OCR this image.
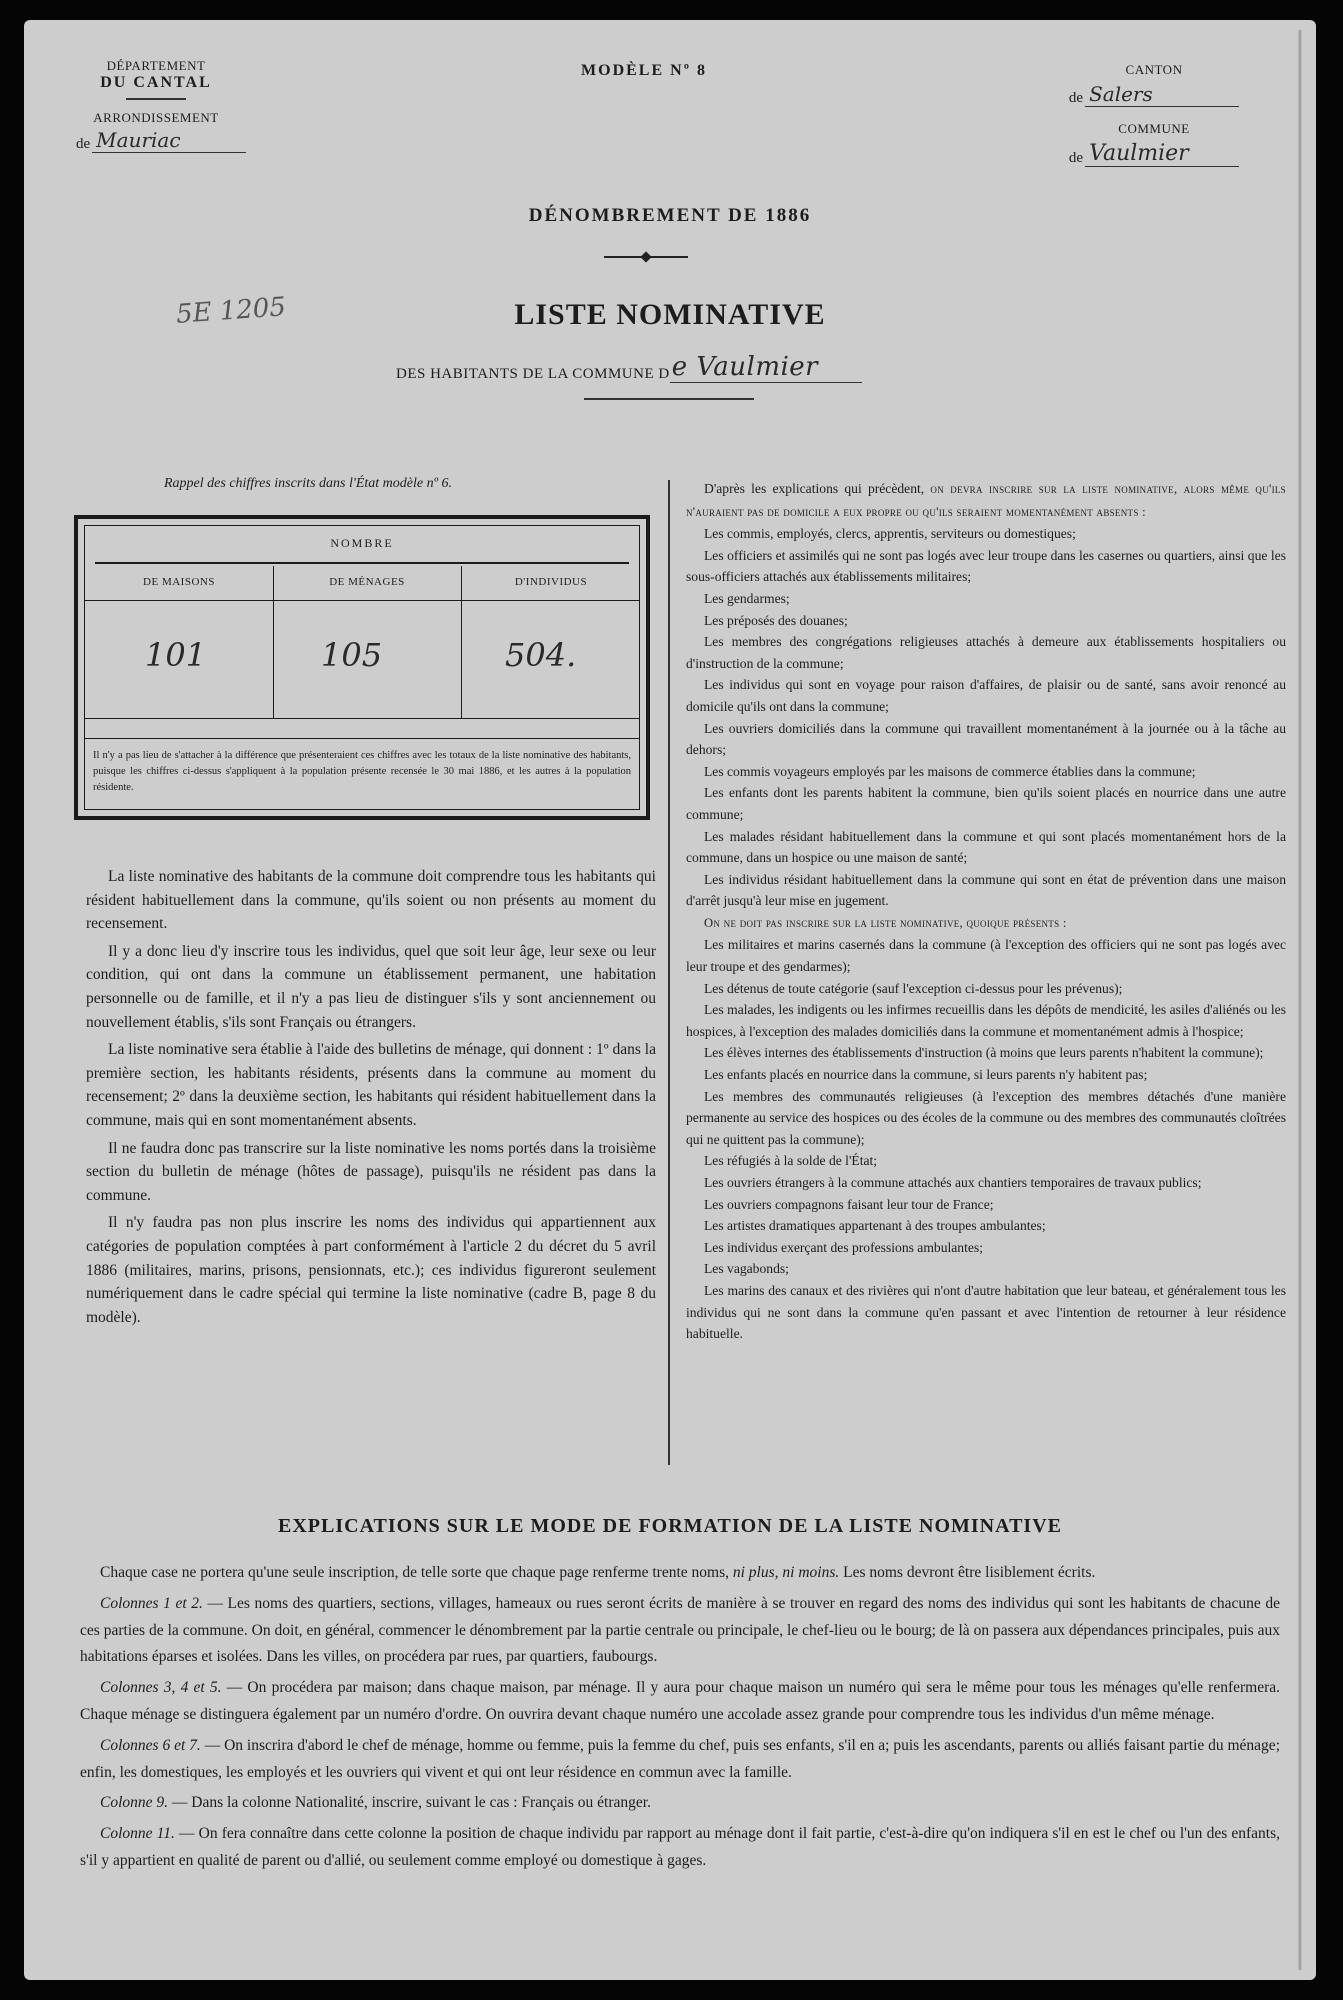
DÉPARTEMENT
DU CANTAL
ARRONDISSEMENT
de Mauriac
MODÈLE Nº 8	CANTON
de Salers
COMMUNE
de Vaulmier
DÉNOMBREMENT DE 1886
5E 1205	LISTE NOMINATIVE
DES HABITANTS DE LA COMMUNE D e Vaulmier
Rappel des chiffres inscrits dans l'État modèle nº 6.
NOMBRE
DE MAISONS	DE MÉNAGES	D'INDIVIDUS
101	105	504.
Il n'y a pas lieu de s'attacher à la différence que présenteraient ces chiffres avec les totaux de la liste nominative des habitants, puisque les chiffres ci-dessus s'appliquent à la population présente recensée le 30 mai 1886, et les autres à la population résidente.

La liste nominative des habitants de la commune doit comprendre tous les habitants qui résident habituellement dans la commune, qu'ils soient ou non présents au moment du recensement.

Il y a donc lieu d'y inscrire tous les individus, quel que soit leur âge, leur sexe ou leur condition, qui ont dans la commune un établissement permanent, une habitation personnelle ou de famille, et il n'y a pas lieu de distinguer s'ils y sont anciennement ou nouvellement établis, s'ils sont Français ou étrangers.

La liste nominative sera établie à l'aide des bulletins de ménage, qui donnent : 1º dans la première section, les habitants résidents, présents dans la commune au moment du recensement; 2º dans la deuxième section, les habitants qui résident habituellement dans la commune, mais qui en sont momentanément absents.

Il ne faudra donc pas transcrire sur la liste nominative les noms portés dans la troisième section du bulletin de ménage (hôtes de passage), puisqu'ils ne résident pas dans la commune.

Il n'y faudra pas non plus inscrire les noms des individus qui appartiennent aux catégories de population comptées à part conformément à l'article 2 du décret du 5 avril 1886 (militaires, marins, prisons, pensionnats, etc.); ces individus figureront seulement numériquement dans le cadre spécial qui termine la liste nominative (cadre B, page 8 du modèle).

D'après les explications qui précèdent, on devra inscrire sur la liste nominative, alors même qu'ils n'auraient pas de domicile a eux propre ou qu'ils seraient momentanément absents :

Les commis, employés, clercs, apprentis, serviteurs ou domestiques;

Les officiers et assimilés qui ne sont pas logés avec leur troupe dans les casernes ou quartiers, ainsi que les sous-officiers attachés aux établissements militaires;

Les gendarmes;

Les préposés des douanes;

Les membres des congrégations religieuses attachés à demeure aux établissements hospitaliers ou d'instruction de la commune;

Les individus qui sont en voyage pour raison d'affaires, de plaisir ou de santé, sans avoir renoncé au domicile qu'ils ont dans la commune;

Les ouvriers domiciliés dans la commune qui travaillent momentanément à la journée ou à la tâche au dehors;

Les commis voyageurs employés par les maisons de commerce établies dans la commune;

Les enfants dont les parents habitent la commune, bien qu'ils soient placés en nourrice dans une autre commune;

Les malades résidant habituellement dans la commune et qui sont placés momentanément hors de la commune, dans un hospice ou une maison de santé;

Les individus résidant habituellement dans la commune qui sont en état de prévention dans une maison d'arrêt jusqu'à leur mise en jugement.

On ne doit pas inscrire sur la liste nominative, quoique présents :

Les militaires et marins casernés dans la commune (à l'exception des officiers qui ne sont pas logés avec leur troupe et des gendarmes);

Les détenus de toute catégorie (sauf l'exception ci-dessus pour les prévenus);

Les malades, les indigents ou les infirmes recueillis dans les dépôts de mendicité, les asiles d'aliénés ou les hospices, à l'exception des malades domiciliés dans la commune et momentanément admis à l'hospice;

Les élèves internes des établissements d'instruction (à moins que leurs parents n'habitent la commune);

Les enfants placés en nourrice dans la commune, si leurs parents n'y habitent pas;

Les membres des communautés religieuses (à l'exception des membres détachés d'une manière permanente au service des hospices ou des écoles de la commune ou des membres des communautés cloîtrées qui ne quittent pas la commune);

Les réfugiés à la solde de l'État;

Les ouvriers étrangers à la commune attachés aux chantiers temporaires de travaux publics;

Les ouvriers compagnons faisant leur tour de France;

Les artistes dramatiques appartenant à des troupes ambulantes;

Les individus exerçant des professions ambulantes;

Les vagabonds;

Les marins des canaux et des rivières qui n'ont d'autre habitation que leur bateau, et généralement tous les individus qui ne sont dans la commune qu'en passant et avec l'intention de retourner à leur résidence habituelle.

EXPLICATIONS SUR LE MODE DE FORMATION DE LA LISTE NOMINATIVE

Chaque case ne portera qu'une seule inscription, de telle sorte que chaque page renferme trente noms, ni plus, ni moins. Les noms devront être lisiblement écrits.

Colonnes 1 et 2. — Les noms des quartiers, sections, villages, hameaux ou rues seront écrits de manière à se trouver en regard des noms des individus qui sont les habitants de chacune de ces parties de la commune. On doit, en général, commencer le dénombrement par la partie centrale ou principale, le chef-lieu ou le bourg; de là on passera aux dépendances principales, puis aux habitations éparses et isolées. Dans les villes, on procédera par rues, par quartiers, faubourgs.

Colonnes 3, 4 et 5. — On procédera par maison; dans chaque maison, par ménage. Il y aura pour chaque maison un numéro qui sera le même pour tous les ménages qu'elle renfermera. Chaque ménage se distinguera également par un numéro d'ordre. On ouvrira devant chaque numéro une accolade assez grande pour comprendre tous les individus d'un même ménage.

Colonnes 6 et 7. — On inscrira d'abord le chef de ménage, homme ou femme, puis la femme du chef, puis ses enfants, s'il en a; puis les ascendants, parents ou alliés faisant partie du ménage; enfin, les domestiques, les employés et les ouvriers qui vivent et qui ont leur résidence en commun avec la famille.

Colonne 9. — Dans la colonne Nationalité, inscrire, suivant le cas : Français ou étranger.

Colonne 11. — On fera connaître dans cette colonne la position de chaque individu par rapport au ménage dont il fait partie, c'est-à-dire qu'on indiquera s'il en est le chef ou l'un des enfants, s'il y appartient en qualité de parent ou d'allié, ou seulement comme employé ou domestique à gages.
